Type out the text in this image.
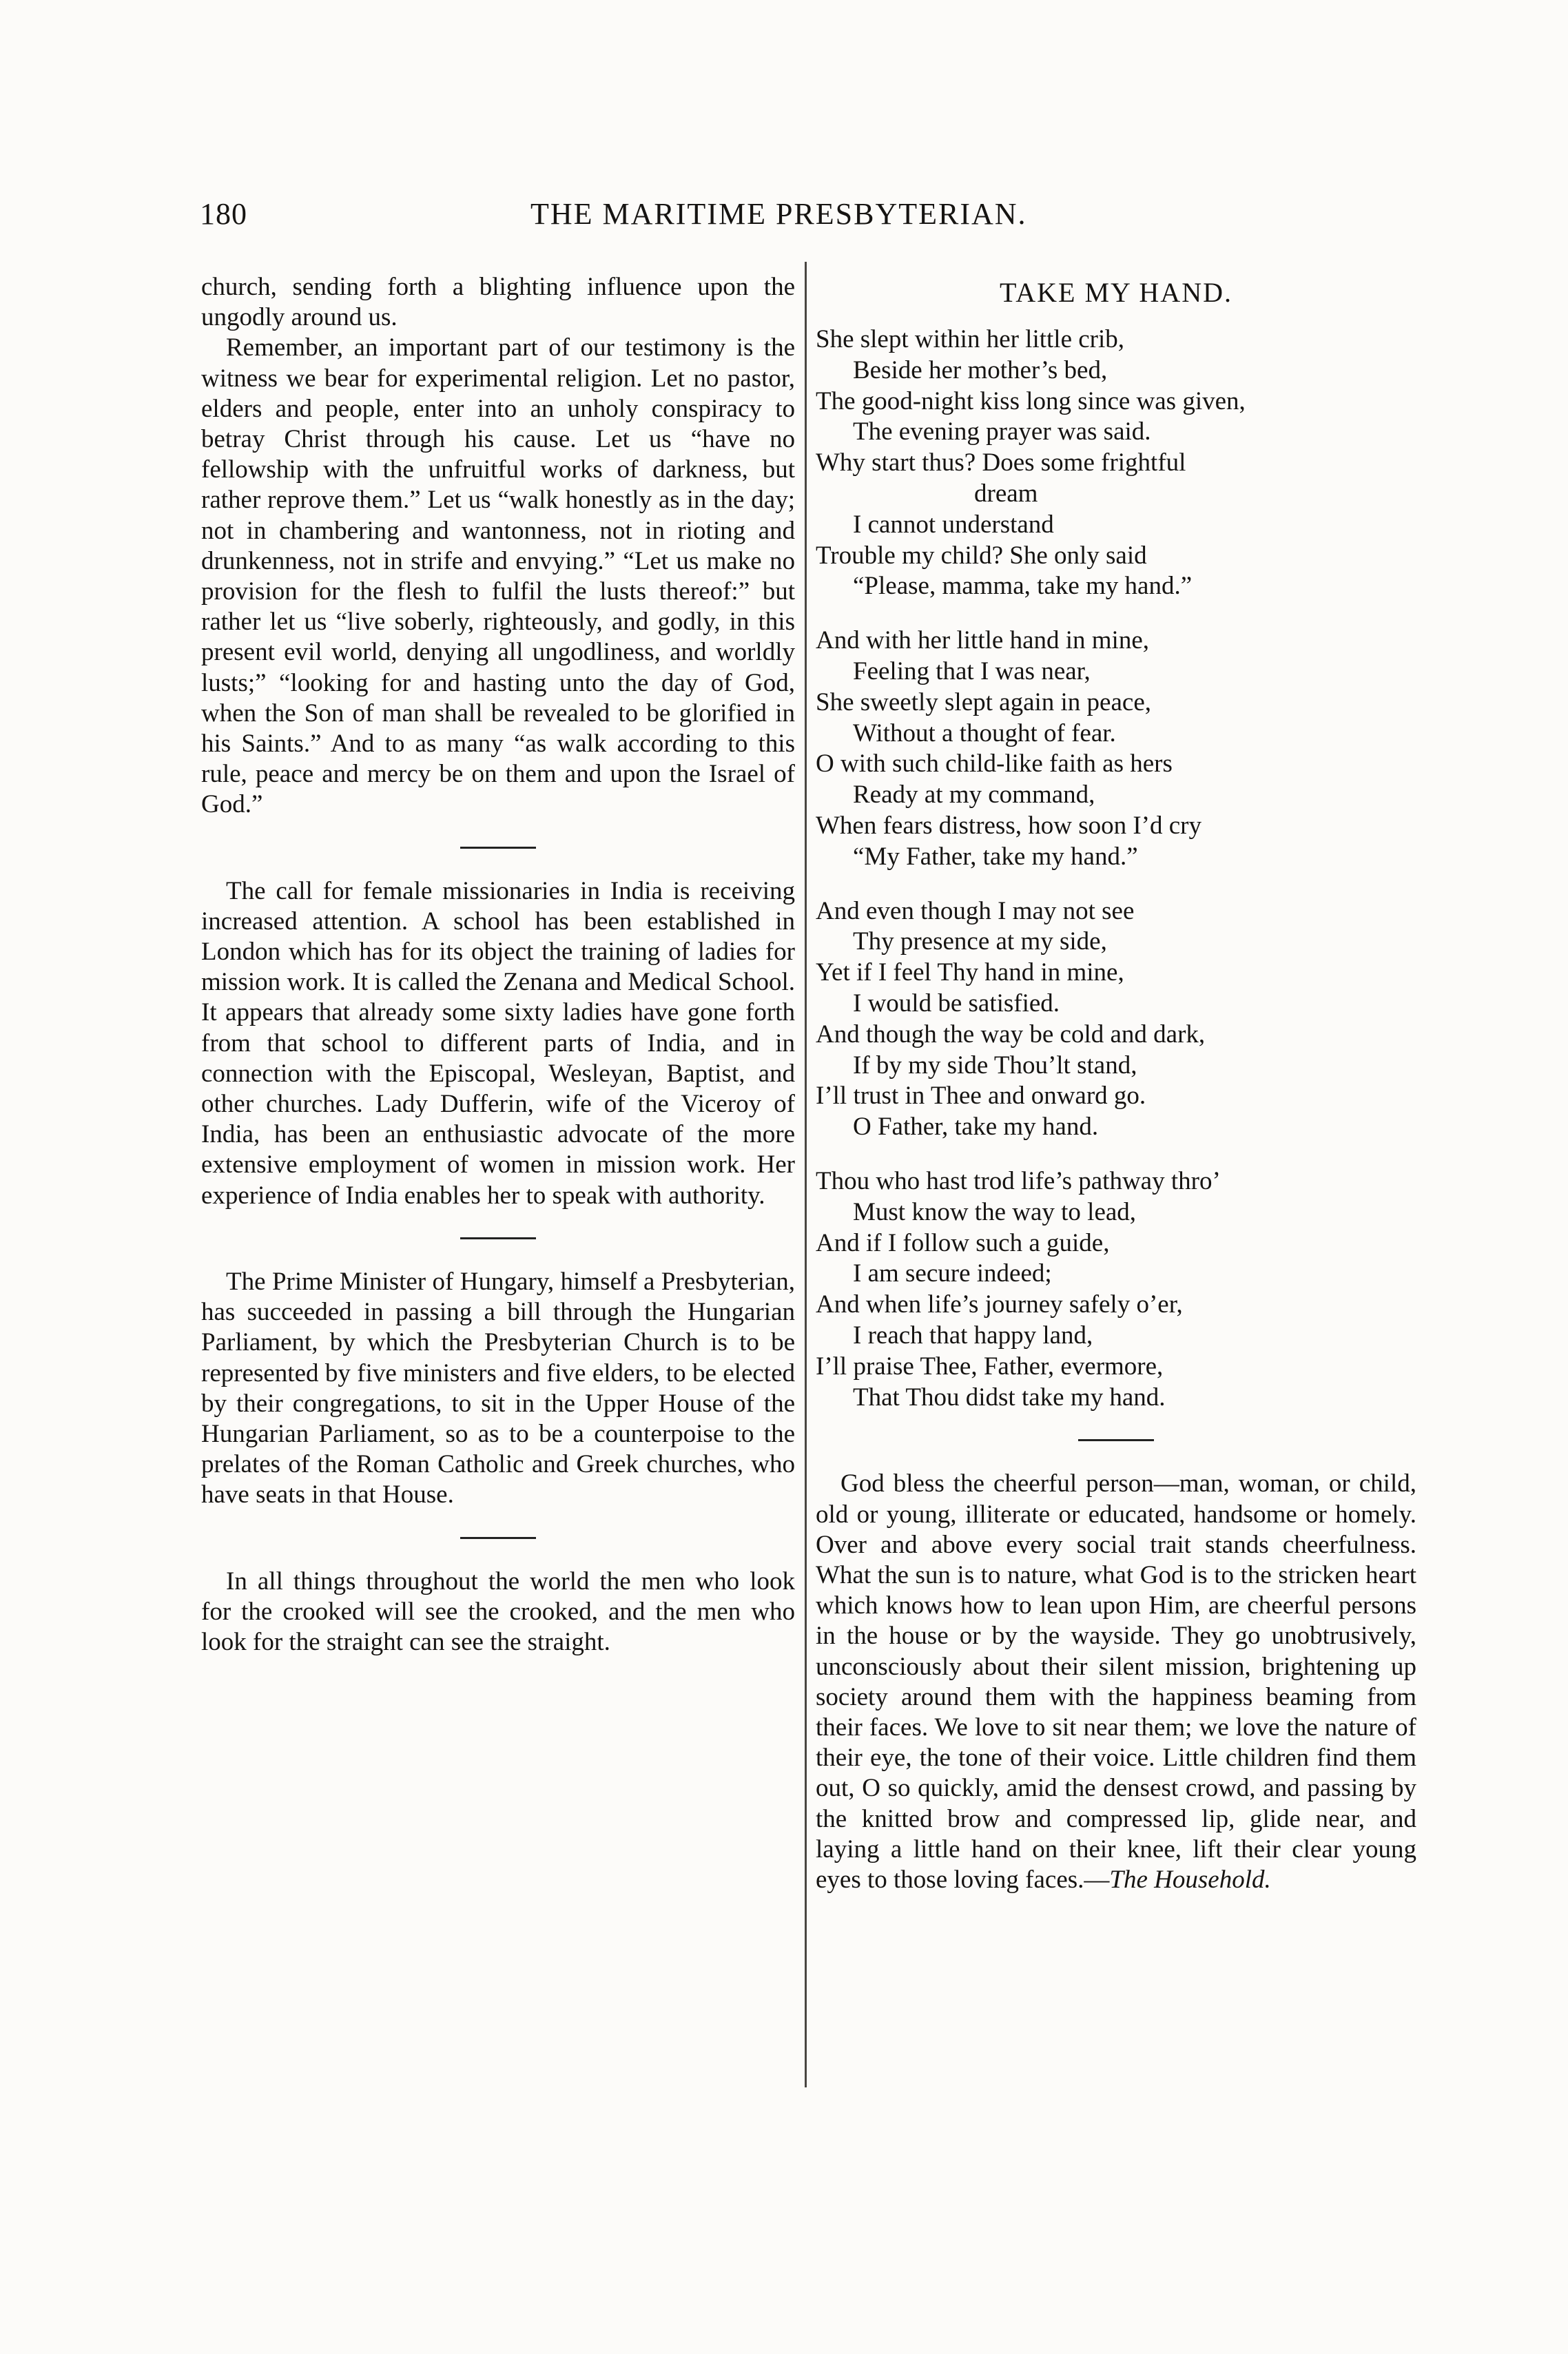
180	THE MARITIME PRESBYTERIAN.

church, sending forth a blighting influence upon the ungodly around us.

Remember, an important part of our testimony is the witness we bear for experimental religion. Let no pastor, elders and people, enter into an unholy conspiracy to betray Christ through his cause. Let us “have no fellowship with the unfruitful works of darkness, but rather reprove them.” Let us “walk honestly as in the day; not in chambering and wantonness, not in rioting and drunkenness, not in strife and envying.” “Let us make no provision for the flesh to fulfil the lusts thereof:” but rather let us “live soberly, righteously, and godly, in this present evil world, denying all ungodliness, and worldly lusts;” “looking for and hasting unto the day of God, when the Son of man shall be revealed to be glorified in his Saints.” And to as many “as walk according to this rule, peace and mercy be on them and upon the Israel of God.”

The call for female missionaries in India is receiving increased attention. A school has been established in London which has for its object the training of ladies for mission work. It is called the Zenana and Medical School. It appears that already some sixty ladies have gone forth from that school to different parts of India, and in connection with the Episcopal, Wesleyan, Baptist, and other churches. Lady Dufferin, wife of the Viceroy of India, has been an enthusiastic advocate of the more extensive employment of women in mission work. Her experience of India enables her to speak with authority.

The Prime Minister of Hungary, himself a Presbyterian, has succeeded in passing a bill through the Hungarian Parliament, by which the Presbyterian Church is to be represented by five ministers and five elders, to be elected by their congregations, to sit in the Upper House of the Hungarian Parliament, so as to be a counterpoise to the prelates of the Roman Catholic and Greek churches, who have seats in that House.

In all things throughout the world the men who look for the crooked will see the crooked, and the men who look for the straight can see the straight.

TAKE MY HAND.
She slept within her little crib,
Beside her mother’s bed,
The good-night kiss long since was given,
The evening prayer was said.
Why start thus? Does some frightful
dream
I cannot understand
Trouble my child? She only said
“Please, mamma, take my hand.”
And with her little hand in mine,
Feeling that I was near,
She sweetly slept again in peace,
Without a thought of fear.
O with such child-like faith as hers
Ready at my command,
When fears distress, how soon I’d cry
“My Father, take my hand.”
And even though I may not see
Thy presence at my side,
Yet if I feel Thy hand in mine,
I would be satisfied.
And though the way be cold and dark,
If by my side Thou’lt stand,
I’ll trust in Thee and onward go.
O Father, take my hand.
Thou who hast trod life’s pathway thro’
Must know the way to lead,
And if I follow such a guide,
I am secure indeed;
And when life’s journey safely o’er,
I reach that happy land,
I’ll praise Thee, Father, evermore,
That Thou didst take my hand.

God bless the cheerful person—man, woman, or child, old or young, illiterate or educated, handsome or homely. Over and above every social trait stands cheerfulness. What the sun is to nature, what God is to the stricken heart which knows how to lean upon Him, are cheerful persons in the house or by the wayside. They go unobtrusively, unconsciously about their silent mission, brightening up society around them with the happiness beaming from their faces. We love to sit near them; we love the nature of their eye, the tone of their voice. Little children find them out, O so quickly, amid the densest crowd, and passing by the knitted brow and compressed lip, glide near, and laying a little hand on their knee, lift their clear young eyes to those loving faces.—The Household.
